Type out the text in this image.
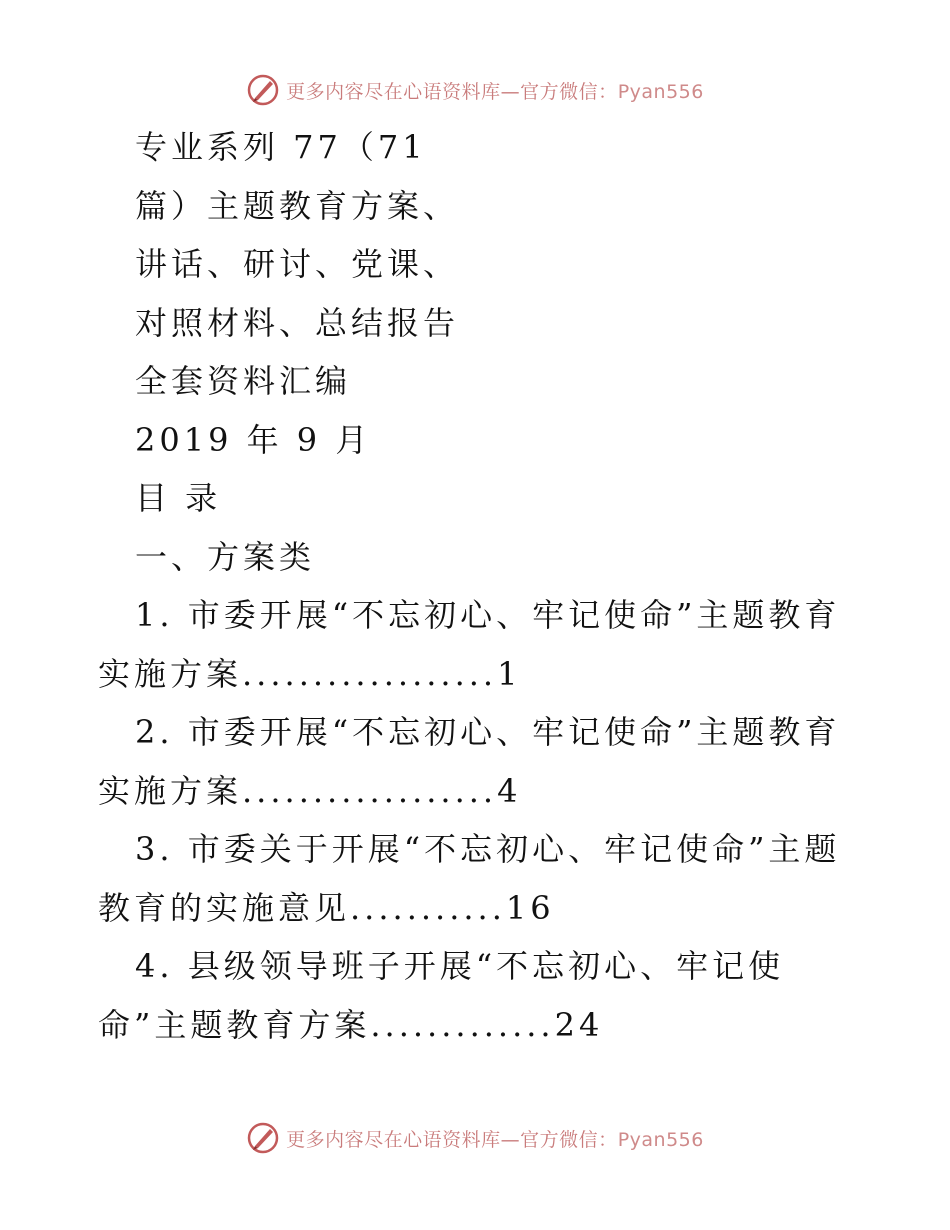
更多内容尽在心语资料库—官方微信：Pyan556
专业系列 77（71
篇）主题教育方案、
讲话、研讨、党课、
对照材料、总结报告
全套资料汇编
2019 年 9 月
目 录
一、方案类
1. 市委开展“不忘初心、牢记使命”主题教育
实施方案..................1
2. 市委开展“不忘初心、牢记使命”主题教育
实施方案..................4
3. 市委关于开展“不忘初心、牢记使命”主题
教育的实施意见...........16
4. 县级领导班子开展“不忘初心、牢记使
命”主题教育方案.............24
更多内容尽在心语资料库—官方微信：Pyan556
